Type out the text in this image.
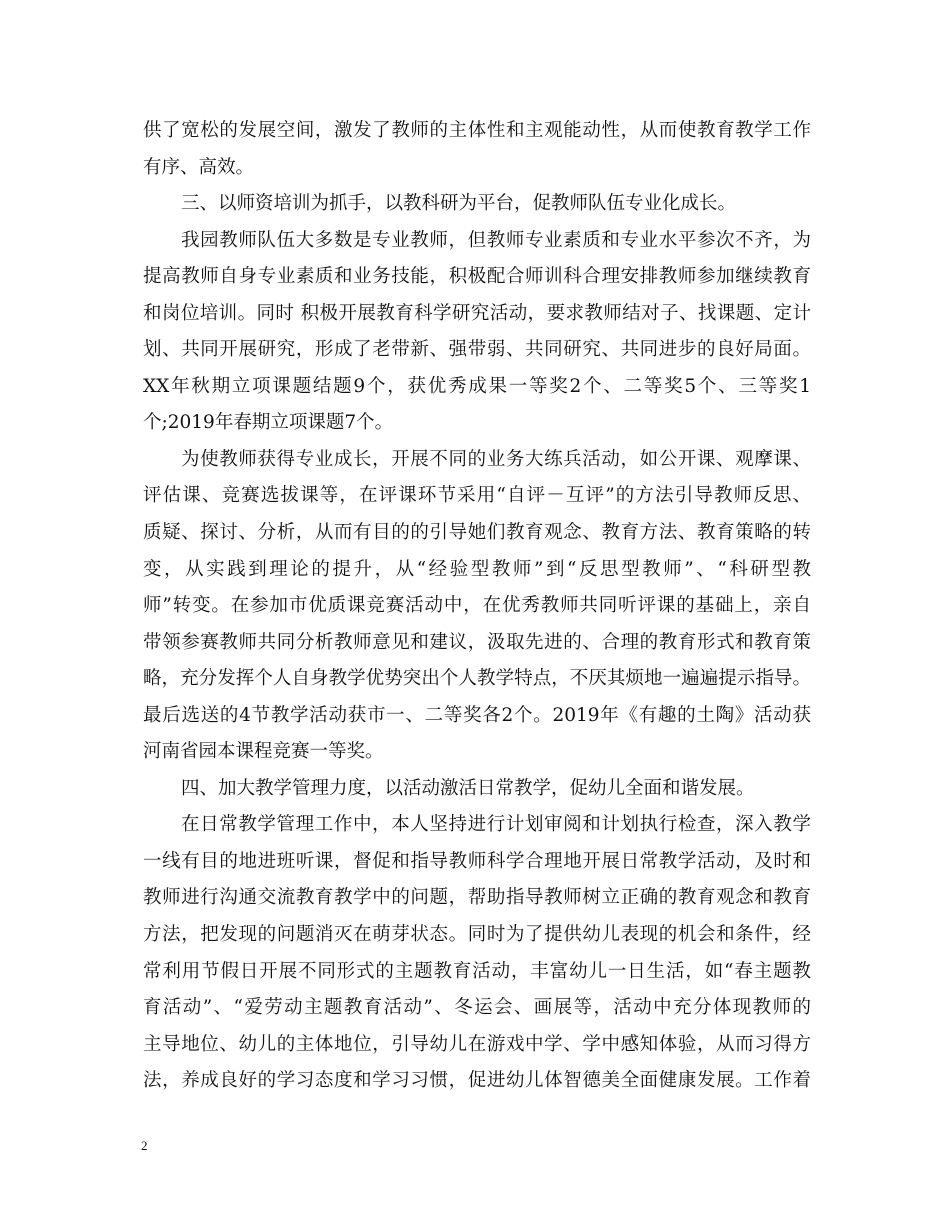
供了宽松的发展空间，激发了教师的主体性和主观能动性，从而使教育教学工作
有序、高效。
三、以师资培训为抓手，以教科研为平台，促教师队伍专业化成长。
我园教师队伍大多数是专业教师，但教师专业素质和专业水平参次不齐，为
提高教师自身专业素质和业务技能，积极配合师训科合理安排教师参加继续教育
和岗位培训。同时 积极开展教育科学研究活动，要求教师结对子、找课题、定计
划、共同开展研究，形成了老带新、强带弱、共同研究、共同进步的良好局面。
XX年秋期立项课题结题9个，获优秀成果一等奖2个、二等奖5个、三等奖1
个;2019年春期立项课题7个。
为使教师获得专业成长，开展不同的业务大练兵活动，如公开课、观摩课、
评估课、竞赛选拔课等，在评课环节采用“自评－互评”的方法引导教师反思、
质疑、探讨、分析，从而有目的的引导她们教育观念、教育方法、教育策略的转
变，从实践到理论的提升，从“经验型教师”到“反思型教师”、“科研型教
师”转变。在参加市优质课竞赛活动中，在优秀教师共同听评课的基础上，亲自
带领参赛教师共同分析教师意见和建议，汲取先进的、合理的教育形式和教育策
略，充分发挥个人自身教学优势突出个人教学特点，不厌其烦地一遍遍提示指导。
最后选送的4节教学活动获市一、二等奖各2个。2019年《有趣的土陶》活动获
河南省园本课程竞赛一等奖。
四、加大教学管理力度，以活动激活日常教学，促幼儿全面和谐发展。
在日常教学管理工作中，本人坚持进行计划审阅和计划执行检查，深入教学
一线有目的地进班听课，督促和指导教师科学合理地开展日常教学活动，及时和
教师进行沟通交流教育教学中的问题，帮助指导教师树立正确的教育观念和教育
方法，把发现的问题消灭在萌芽状态。同时为了提供幼儿表现的机会和条件，经
常利用节假日开展不同形式的主题教育活动，丰富幼儿一日生活，如“春主题教
育活动”、“爱劳动主题教育活动”、冬运会、画展等，活动中充分体现教师的
主导地位、幼儿的主体地位，引导幼儿在游戏中学、学中感知体验，从而习得方
法，养成良好的学习态度和学习习惯，促进幼儿体智德美全面健康发展。工作着
2
